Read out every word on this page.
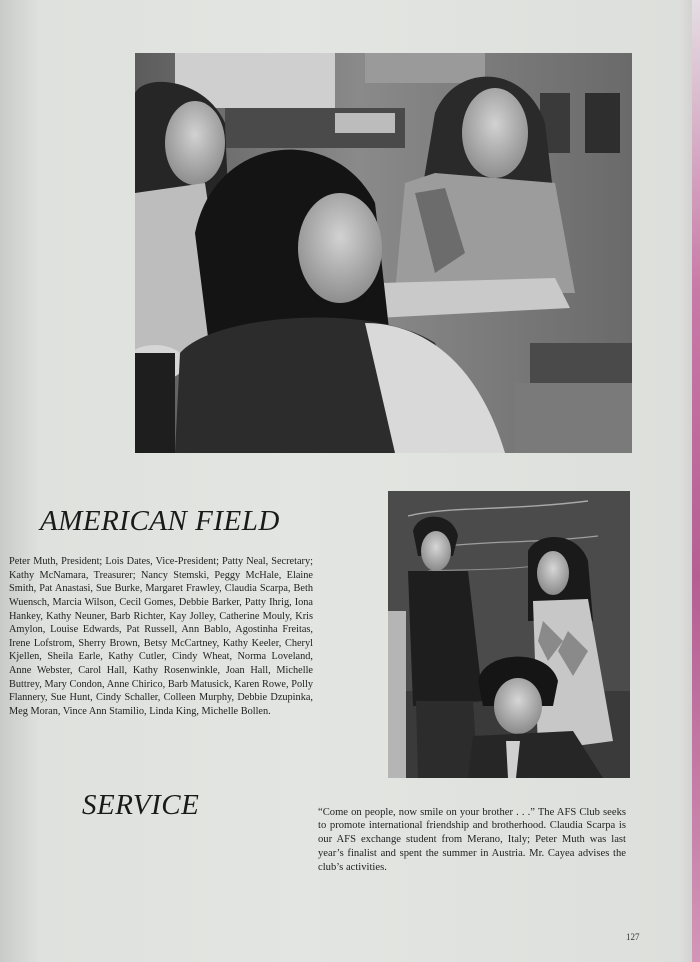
AMERICAN FIELD

Peter Muth, President; Lois Dates, Vice-President; Patty Neal, Secretary; Kathy McNamara, Treasurer; Nancy Stemski, Peggy McHale, Elaine Smith, Pat Anastasi, Sue Burke, Margaret Frawley, Claudia Scarpa, Beth Wuensch, Marcia Wilson, Cecil Gomes, Debbie Barker, Patty Ihrig, Iona Hankey, Kathy Neuner, Barb Richter, Kay Jolley, Catherine Mouly, Kris Amylon, Louise Edwards, Pat Russell, Ann Bablo, Agostinha Freitas, Irene Lofstrom, Sherry Brown, Betsy McCartney, Kathy Keeler, Cheryl Kjellen, Sheila Earle, Kathy Cutler, Cindy Wheat, Norma Loveland, Anne Webster, Carol Hall, Kathy Rosenwinkle, Joan Hall, Michelle Buttrey, Mary Condon, Anne Chirico, Barb Matusick, Karen Rowe, Polly Flannery, Sue Hunt, Cindy Schaller, Colleen Murphy, Debbie Dzupinka, Meg Moran, Vince Ann Stamilio, Linda King, Michelle Bollen.

SERVICE	“Come on people, now smile on your brother . . .” The AFS Club seeks to promote international friendship and brotherhood. Claudia Scarpa is our AFS exchange student from Merano, Italy; Peter Muth was last year’s finalist and spent the summer in Austria. Mr. Cayea advises the club’s activities.

127
